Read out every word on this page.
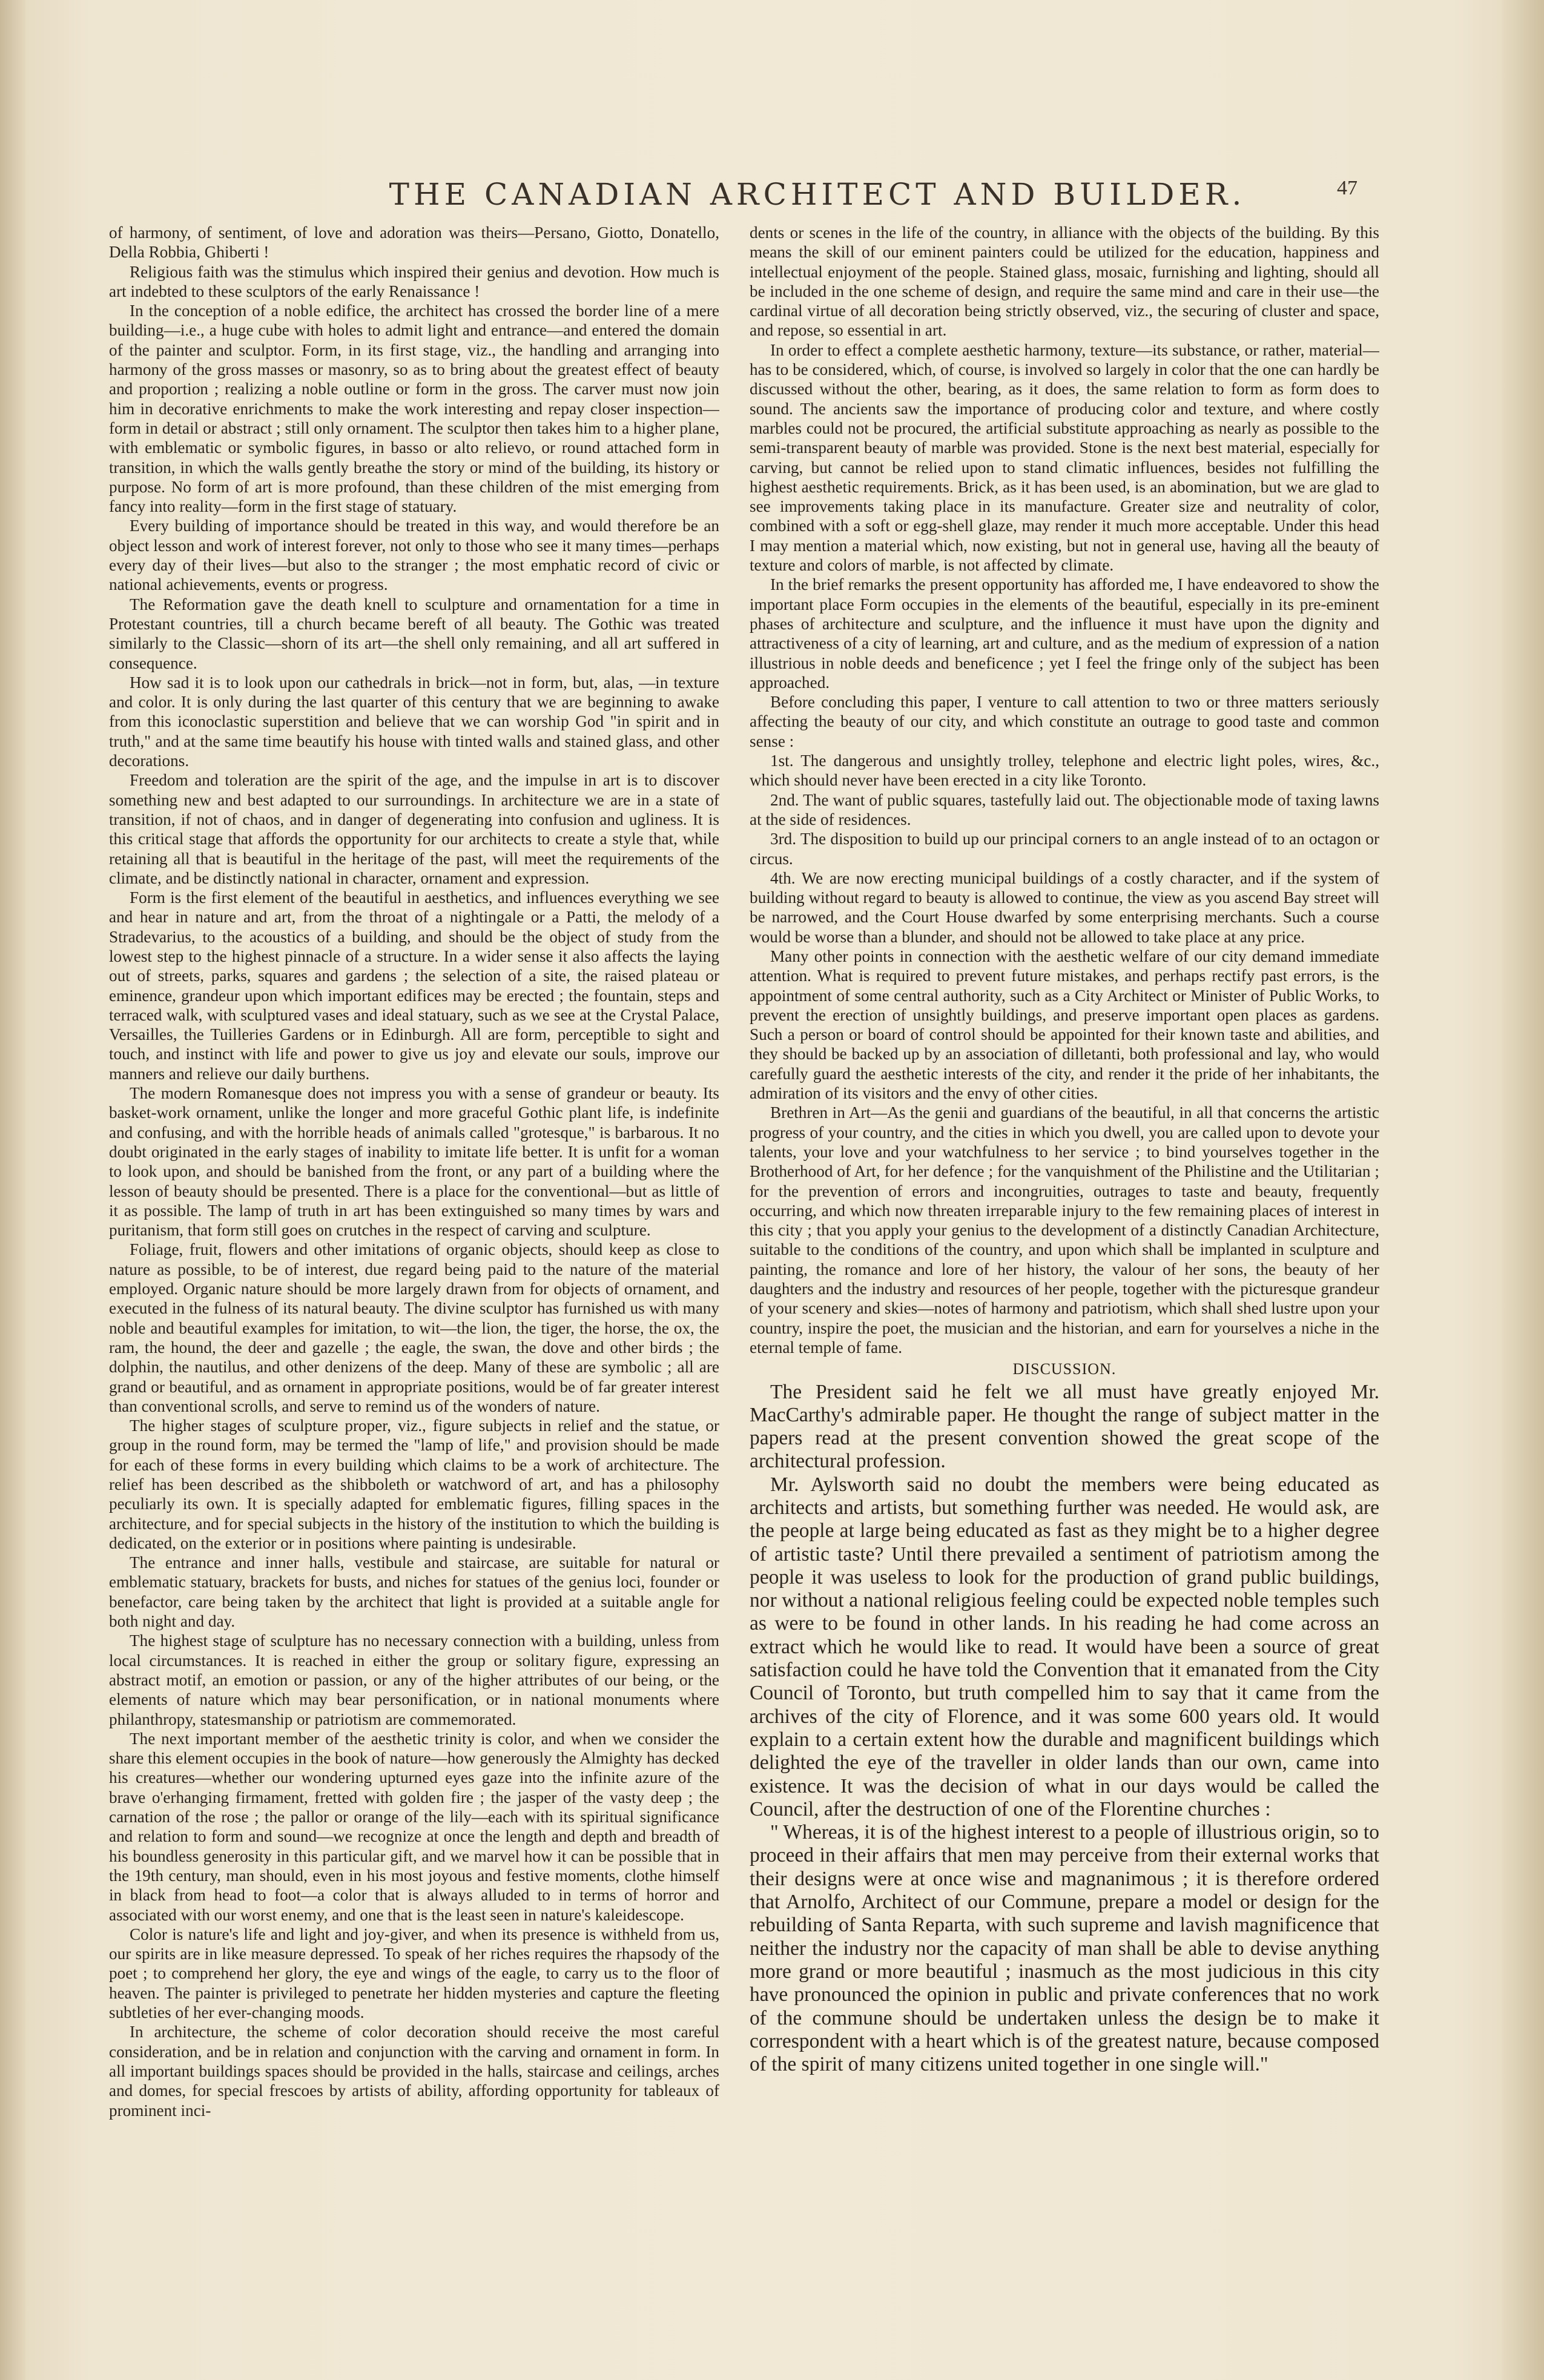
THE CANADIAN ARCHITECT AND BUILDER.	47

of harmony, of sentiment, of love and adoration was theirs—Persano, Giotto, Donatello, Della Robbia, Ghiberti !

Religious faith was the stimulus which inspired their genius and devotion. How much is art indebted to these sculptors of the early Renaissance !

In the conception of a noble edifice, the architect has crossed the border line of a mere building—i.e., a huge cube with holes to admit light and entrance—and entered the domain of the painter and sculptor. Form, in its first stage, viz., the handling and arranging into harmony of the gross masses or masonry, so as to bring about the greatest effect of beauty and proportion ; realizing a noble outline or form in the gross. The carver must now join him in decorative enrichments to make the work interesting and repay closer inspection—form in detail or abstract ; still only ornament. The sculptor then takes him to a higher plane, with emblematic or symbolic figures, in basso or alto relievo, or round attached form in transition, in which the walls gently breathe the story or mind of the building, its history or purpose. No form of art is more profound, than these children of the mist emerging from fancy into reality—form in the first stage of statuary.

Every building of importance should be treated in this way, and would therefore be an object lesson and work of interest forever, not only to those who see it many times—perhaps every day of their lives—but also to the stranger ; the most emphatic record of civic or national achievements, events or progress.

The Reformation gave the death knell to sculpture and ornamentation for a time in Protestant countries, till a church became bereft of all beauty. The Gothic was treated similarly to the Classic—shorn of its art—the shell only remaining, and all art suffered in consequence.

How sad it is to look upon our cathedrals in brick—not in form, but, alas, —in texture and color. It is only during the last quarter of this century that we are beginning to awake from this iconoclastic superstition and believe that we can worship God "in spirit and in truth," and at the same time beautify his house with tinted walls and stained glass, and other decorations.

Freedom and toleration are the spirit of the age, and the impulse in art is to discover something new and best adapted to our surroundings. In architecture we are in a state of transition, if not of chaos, and in danger of degenerating into confusion and ugliness. It is this critical stage that affords the opportunity for our architects to create a style that, while retaining all that is beautiful in the heritage of the past, will meet the requirements of the climate, and be distinctly national in character, ornament and expression.

Form is the first element of the beautiful in aesthetics, and influences everything we see and hear in nature and art, from the throat of a nightingale or a Patti, the melody of a Stradevarius, to the acoustics of a building, and should be the object of study from the lowest step to the highest pinnacle of a structure. In a wider sense it also affects the laying out of streets, parks, squares and gardens ; the selection of a site, the raised plateau or eminence, grandeur upon which important edifices may be erected ; the fountain, steps and terraced walk, with sculptured vases and ideal statuary, such as we see at the Crystal Palace, Versailles, the Tuilleries Gardens or in Edinburgh. All are form, perceptible to sight and touch, and instinct with life and power to give us joy and elevate our souls, improve our manners and relieve our daily burthens.

The modern Romanesque does not impress you with a sense of grandeur or beauty. Its basket-work ornament, unlike the longer and more graceful Gothic plant life, is indefinite and confusing, and with the horrible heads of animals called "grotesque," is barbarous. It no doubt originated in the early stages of inability to imitate life better. It is unfit for a woman to look upon, and should be banished from the front, or any part of a building where the lesson of beauty should be presented. There is a place for the conventional—but as little of it as possible. The lamp of truth in art has been extinguished so many times by wars and puritanism, that form still goes on crutches in the respect of carving and sculpture.

Foliage, fruit, flowers and other imitations of organic objects, should keep as close to nature as possible, to be of interest, due regard being paid to the nature of the material employed. Organic nature should be more largely drawn from for objects of ornament, and executed in the fulness of its natural beauty. The divine sculptor has furnished us with many noble and beautiful examples for imitation, to wit—the lion, the tiger, the horse, the ox, the ram, the hound, the deer and gazelle ; the eagle, the swan, the dove and other birds ; the dolphin, the nautilus, and other denizens of the deep. Many of these are symbolic ; all are grand or beautiful, and as ornament in appropriate positions, would be of far greater interest than conventional scrolls, and serve to remind us of the wonders of nature.

The higher stages of sculpture proper, viz., figure subjects in relief and the statue, or group in the round form, may be termed the "lamp of life," and provision should be made for each of these forms in every building which claims to be a work of architecture. The relief has been described as the shibboleth or watchword of art, and has a philosophy peculiarly its own. It is specially adapted for emblematic figures, filling spaces in the architecture, and for special subjects in the history of the institution to which the building is dedicated, on the exterior or in positions where painting is undesirable.

The entrance and inner halls, vestibule and staircase, are suitable for natural or emblematic statuary, brackets for busts, and niches for statues of the genius loci, founder or benefactor, care being taken by the architect that light is provided at a suitable angle for both night and day.

The highest stage of sculpture has no necessary connection with a building, unless from local circumstances. It is reached in either the group or solitary figure, expressing an abstract motif, an emotion or passion, or any of the higher attributes of our being, or the elements of nature which may bear personification, or in national monuments where philanthropy, statesmanship or patriotism are commemorated.

The next important member of the aesthetic trinity is color, and when we consider the share this element occupies in the book of nature—how generously the Almighty has decked his creatures—whether our wondering upturned eyes gaze into the infinite azure of the brave o'erhanging firmament, fretted with golden fire ; the jasper of the vasty deep ; the carnation of the rose ; the pallor or orange of the lily—each with its spiritual significance and relation to form and sound—we recognize at once the length and depth and breadth of his boundless generosity in this particular gift, and we marvel how it can be possible that in the 19th century, man should, even in his most joyous and festive moments, clothe himself in black from head to foot—a color that is always alluded to in terms of horror and associated with our worst enemy, and one that is the least seen in nature's kaleidescope.

Color is nature's life and light and joy-giver, and when its presence is withheld from us, our spirits are in like measure depressed. To speak of her riches requires the rhapsody of the poet ; to comprehend her glory, the eye and wings of the eagle, to carry us to the floor of heaven. The painter is privileged to penetrate her hidden mysteries and capture the fleeting subtleties of her ever-changing moods.

In architecture, the scheme of color decoration should receive the most careful consideration, and be in relation and conjunction with the carving and ornament in form. In all important buildings spaces should be provided in the halls, staircase and ceilings, arches and domes, for special frescoes by artists of ability, affording opportunity for tableaux of prominent inci-

dents or scenes in the life of the country, in alliance with the objects of the building. By this means the skill of our eminent painters could be utilized for the education, happiness and intellectual enjoyment of the people. Stained glass, mosaic, furnishing and lighting, should all be included in the one scheme of design, and require the same mind and care in their use—the cardinal virtue of all decoration being strictly observed, viz., the securing of cluster and space, and repose, so essential in art.

In order to effect a complete aesthetic harmony, texture—its substance, or rather, material—has to be considered, which, of course, is involved so largely in color that the one can hardly be discussed without the other, bearing, as it does, the same relation to form as form does to sound. The ancients saw the importance of producing color and texture, and where costly marbles could not be procured, the artificial substitute approaching as nearly as possible to the semi-transparent beauty of marble was provided. Stone is the next best material, especially for carving, but cannot be relied upon to stand climatic influences, besides not fulfilling the highest aesthetic requirements. Brick, as it has been used, is an abomination, but we are glad to see improvements taking place in its manufacture. Greater size and neutrality of color, combined with a soft or egg-shell glaze, may render it much more acceptable. Under this head I may mention a material which, now existing, but not in general use, having all the beauty of texture and colors of marble, is not affected by climate.

In the brief remarks the present opportunity has afforded me, I have endeavored to show the important place Form occupies in the elements of the beautiful, especially in its pre-eminent phases of architecture and sculpture, and the influence it must have upon the dignity and attractiveness of a city of learning, art and culture, and as the medium of expression of a nation illustrious in noble deeds and beneficence ; yet I feel the fringe only of the subject has been approached.

Before concluding this paper, I venture to call attention to two or three matters seriously affecting the beauty of our city, and which constitute an outrage to good taste and common sense :

1st. The dangerous and unsightly trolley, telephone and electric light poles, wires, &c., which should never have been erected in a city like Toronto.

2nd. The want of public squares, tastefully laid out. The objectionable mode of taxing lawns at the side of residences.

3rd. The disposition to build up our principal corners to an angle instead of to an octagon or circus.

4th. We are now erecting municipal buildings of a costly character, and if the system of building without regard to beauty is allowed to continue, the view as you ascend Bay street will be narrowed, and the Court House dwarfed by some enterprising merchants. Such a course would be worse than a blunder, and should not be allowed to take place at any price.

Many other points in connection with the aesthetic welfare of our city demand immediate attention. What is required to prevent future mistakes, and perhaps rectify past errors, is the appointment of some central authority, such as a City Architect or Minister of Public Works, to prevent the erection of unsightly buildings, and preserve important open places as gardens. Such a person or board of control should be appointed for their known taste and abilities, and they should be backed up by an association of dilletanti, both professional and lay, who would carefully guard the aesthetic interests of the city, and render it the pride of her inhabitants, the admiration of its visitors and the envy of other cities.

Brethren in Art—As the genii and guardians of the beautiful, in all that concerns the artistic progress of your country, and the cities in which you dwell, you are called upon to devote your talents, your love and your watchfulness to her service ; to bind yourselves together in the Brotherhood of Art, for her defence ; for the vanquishment of the Philistine and the Utilitarian ; for the prevention of errors and incongruities, outrages to taste and beauty, frequently occurring, and which now threaten irreparable injury to the few remaining places of interest in this city ; that you apply your genius to the development of a distinctly Canadian Architecture, suitable to the conditions of the country, and upon which shall be implanted in sculpture and painting, the romance and lore of her history, the valour of her sons, the beauty of her daughters and the industry and resources of her people, together with the picturesque grandeur of your scenery and skies—notes of harmony and patriotism, which shall shed lustre upon your country, inspire the poet, the musician and the historian, and earn for yourselves a niche in the eternal temple of fame.

DISCUSSION.

The President said he felt we all must have greatly enjoyed Mr. MacCarthy's admirable paper. He thought the range of subject matter in the papers read at the present convention showed the great scope of the architectural profession.

Mr. Aylsworth said no doubt the members were being educated as architects and artists, but something further was needed. He would ask, are the people at large being educated as fast as they might be to a higher degree of artistic taste? Until there prevailed a sentiment of patriotism among the people it was useless to look for the production of grand public buildings, nor without a national religious feeling could be expected noble temples such as were to be found in other lands. In his reading he had come across an extract which he would like to read. It would have been a source of great satisfaction could he have told the Convention that it emanated from the City Council of Toronto, but truth compelled him to say that it came from the archives of the city of Florence, and it was some 600 years old. It would explain to a certain extent how the durable and magnificent buildings which delighted the eye of the traveller in older lands than our own, came into existence. It was the decision of what in our days would be called the Council, after the destruction of one of the Florentine churches :

" Whereas, it is of the highest interest to a people of illustrious origin, so to proceed in their affairs that men may perceive from their external works that their designs were at once wise and magnanimous ; it is therefore ordered that Arnolfo, Architect of our Commune, prepare a model or design for the rebuilding of Santa Reparta, with such supreme and lavish magnificence that neither the industry nor the capacity of man shall be able to devise anything more grand or more beautiful ; inasmuch as the most judicious in this city have pronounced the opinion in public and private conferences that no work of the commune should be undertaken unless the design be to make it correspondent with a heart which is of the greatest nature, because composed of the spirit of many citizens united together in one single will."
